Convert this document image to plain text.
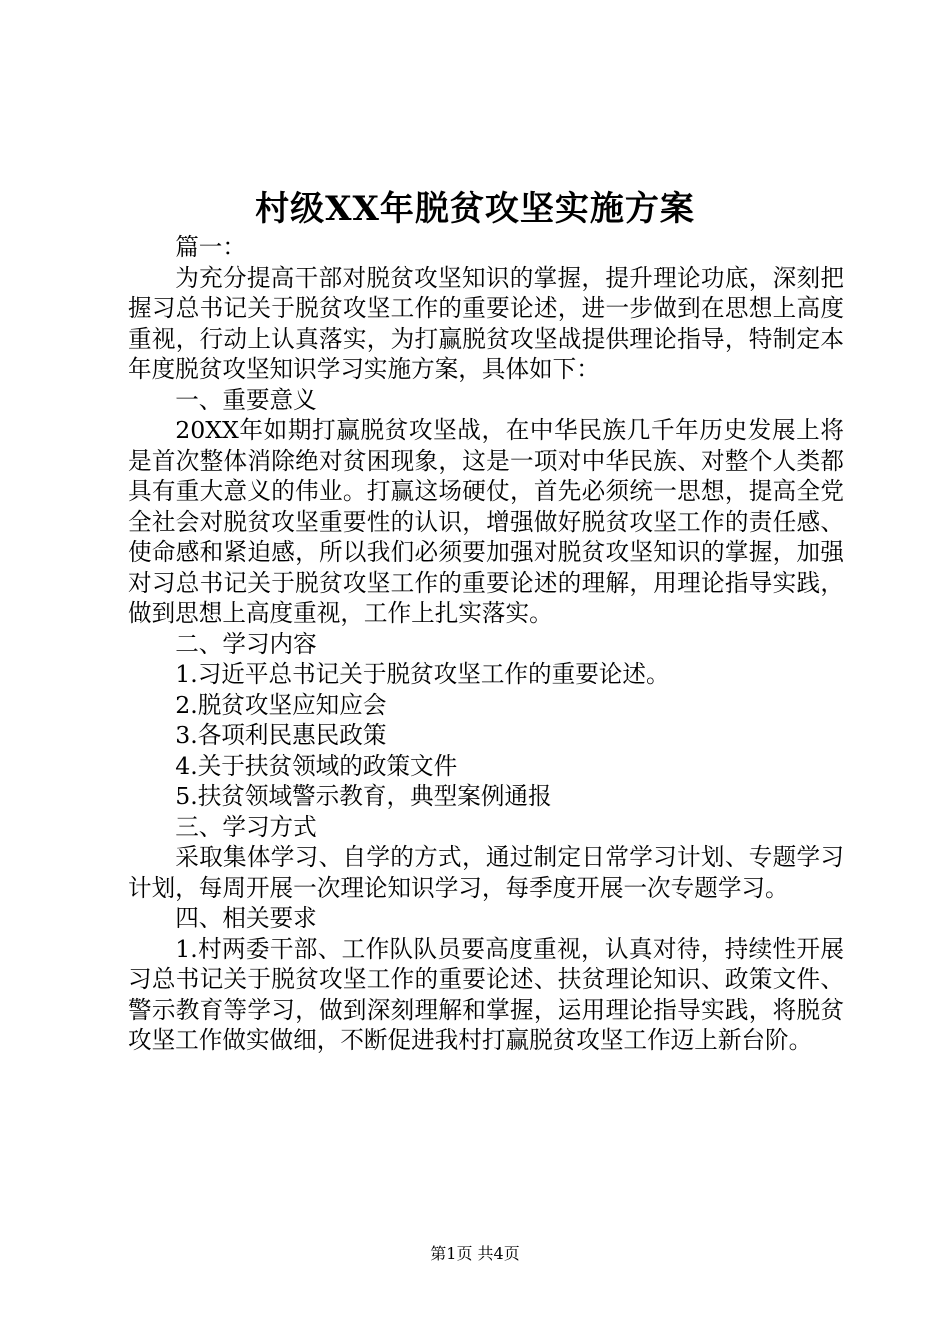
村级XX年脱贫攻坚实施方案

篇一：

为充分提高干部对脱贫攻坚知识的掌握，提升理论功底，深刻把握习总书记关于脱贫攻坚工作的重要论述，进一步做到在思想上高度重视，行动上认真落实，为打赢脱贫攻坚战提供理论指导，特制定本年度脱贫攻坚知识学习实施方案，具体如下：

一、重要意义

20XX年如期打赢脱贫攻坚战，在中华民族几千年历史发展上将是首次整体消除绝对贫困现象，这是一项对中华民族、对整个人类都具有重大意义的伟业。打赢这场硬仗，首先必须统一思想，提高全党全社会对脱贫攻坚重要性的认识，增强做好脱贫攻坚工作的责任感、使命感和紧迫感，所以我们必须要加强对脱贫攻坚知识的掌握，加强对习总书记关于脱贫攻坚工作的重要论述的理解，用理论指导实践，做到思想上高度重视，工作上扎实落实。

二、学习内容

1.习近平总书记关于脱贫攻坚工作的重要论述。

2.脱贫攻坚应知应会

3.各项利民惠民政策

4.关于扶贫领域的政策文件

5.扶贫领域警示教育，典型案例通报

三、学习方式

采取集体学习、自学的方式，通过制定日常学习计划、专题学习计划，每周开展一次理论知识学习，每季度开展一次专题学习。

四、相关要求

1.村两委干部、工作队队员要高度重视，认真对待，持续性开展习总书记关于脱贫攻坚工作的重要论述、扶贫理论知识、政策文件、警示教育等学习，做到深刻理解和掌握，运用理论指导实践，将脱贫攻坚工作做实做细，不断促进我村打赢脱贫攻坚工作迈上新台阶。

第1页 共4页
